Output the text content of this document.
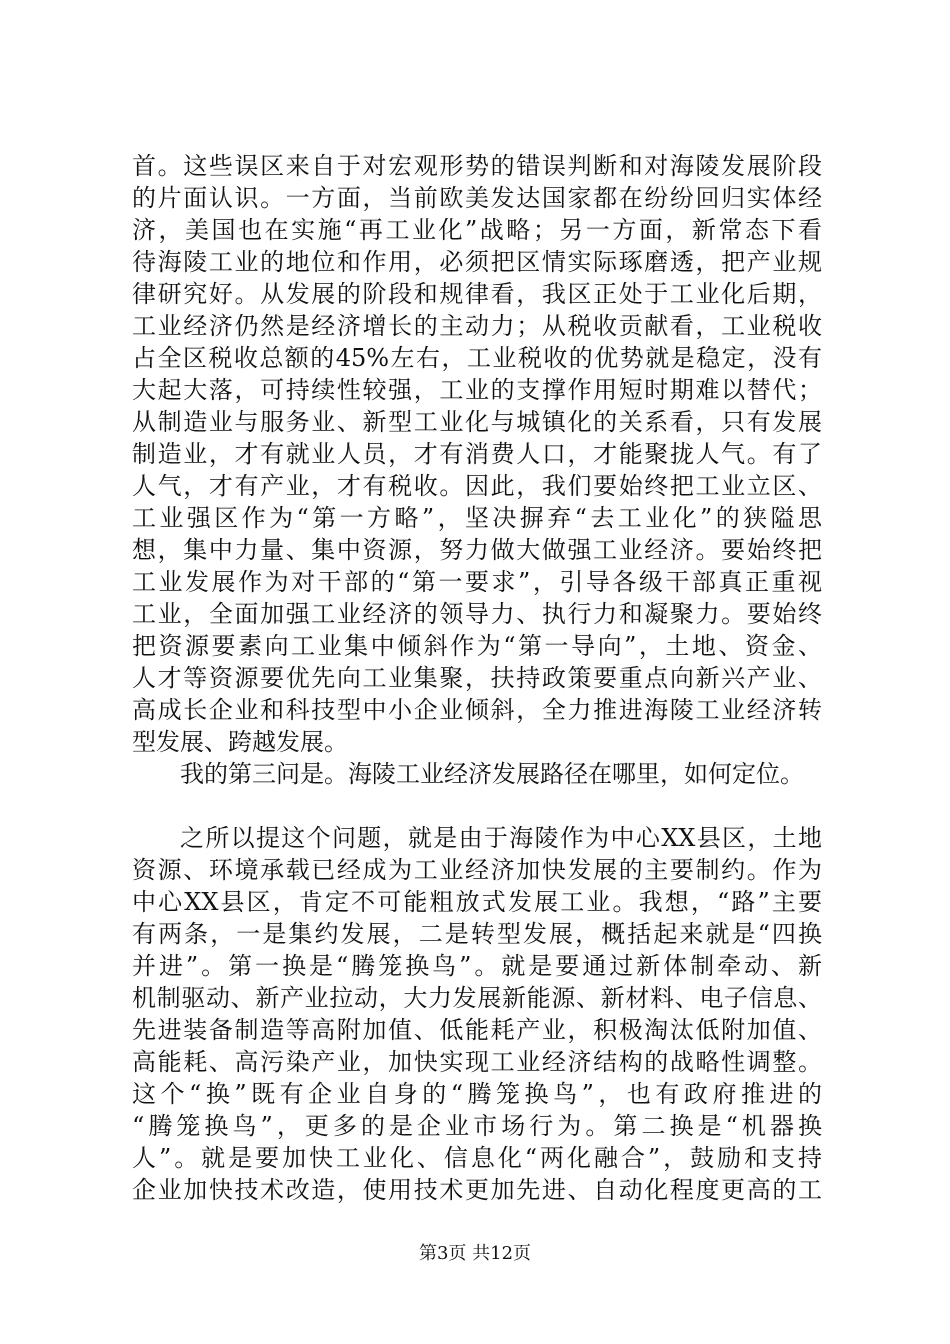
首。这些误区来自于对宏观形势的错误判断和对海陵发展阶段
的片面认识。一方面，当前欧美发达国家都在纷纷回归实体经
济，美国也在实施“再工业化”战略；另一方面，新常态下看
待海陵工业的地位和作用，必须把区情实际琢磨透，把产业规
律研究好。从发展的阶段和规律看，我区正处于工业化后期，
工业经济仍然是经济增长的主动力；从税收贡献看，工业税收
占全区税收总额的45%左右，工业税收的优势就是稳定，没有
大起大落，可持续性较强，工业的支撑作用短时期难以替代；
从制造业与服务业、新型工业化与城镇化的关系看，只有发展
制造业，才有就业人员，才有消费人口，才能聚拢人气。有了
人气，才有产业，才有税收。因此，我们要始终把工业立区、
工业强区作为“第一方略”，坚决摒弃“去工业化”的狭隘思
想，集中力量、集中资源，努力做大做强工业经济。要始终把
工业发展作为对干部的“第一要求”，引导各级干部真正重视
工业，全面加强工业经济的领导力、执行力和凝聚力。要始终
把资源要素向工业集中倾斜作为“第一导向”，土地、资金、
人才等资源要优先向工业集聚，扶持政策要重点向新兴产业、
高成长企业和科技型中小企业倾斜，全力推进海陵工业经济转
型发展、跨越发展。
我的第三问是。海陵工业经济发展路径在哪里，如何定位。
之所以提这个问题，就是由于海陵作为中心XX县区，土地
资源、环境承载已经成为工业经济加快发展的主要制约。作为
中心XX县区，肯定不可能粗放式发展工业。我想，“路”主要
有两条，一是集约发展，二是转型发展，概括起来就是“四换
并进”。第一换是“腾笼换鸟”。就是要通过新体制牵动、新
机制驱动、新产业拉动，大力发展新能源、新材料、电子信息、
先进装备制造等高附加值、低能耗产业，积极淘汰低附加值、
高能耗、高污染产业，加快实现工业经济结构的战略性调整。
这个“换”既有企业自身的“腾笼换鸟”，也有政府推进的
“腾笼换鸟”，更多的是企业市场行为。第二换是“机器换
人”。就是要加快工业化、信息化“两化融合”，鼓励和支持
企业加快技术改造，使用技术更加先进、自动化程度更高的工
第3页 共12页
